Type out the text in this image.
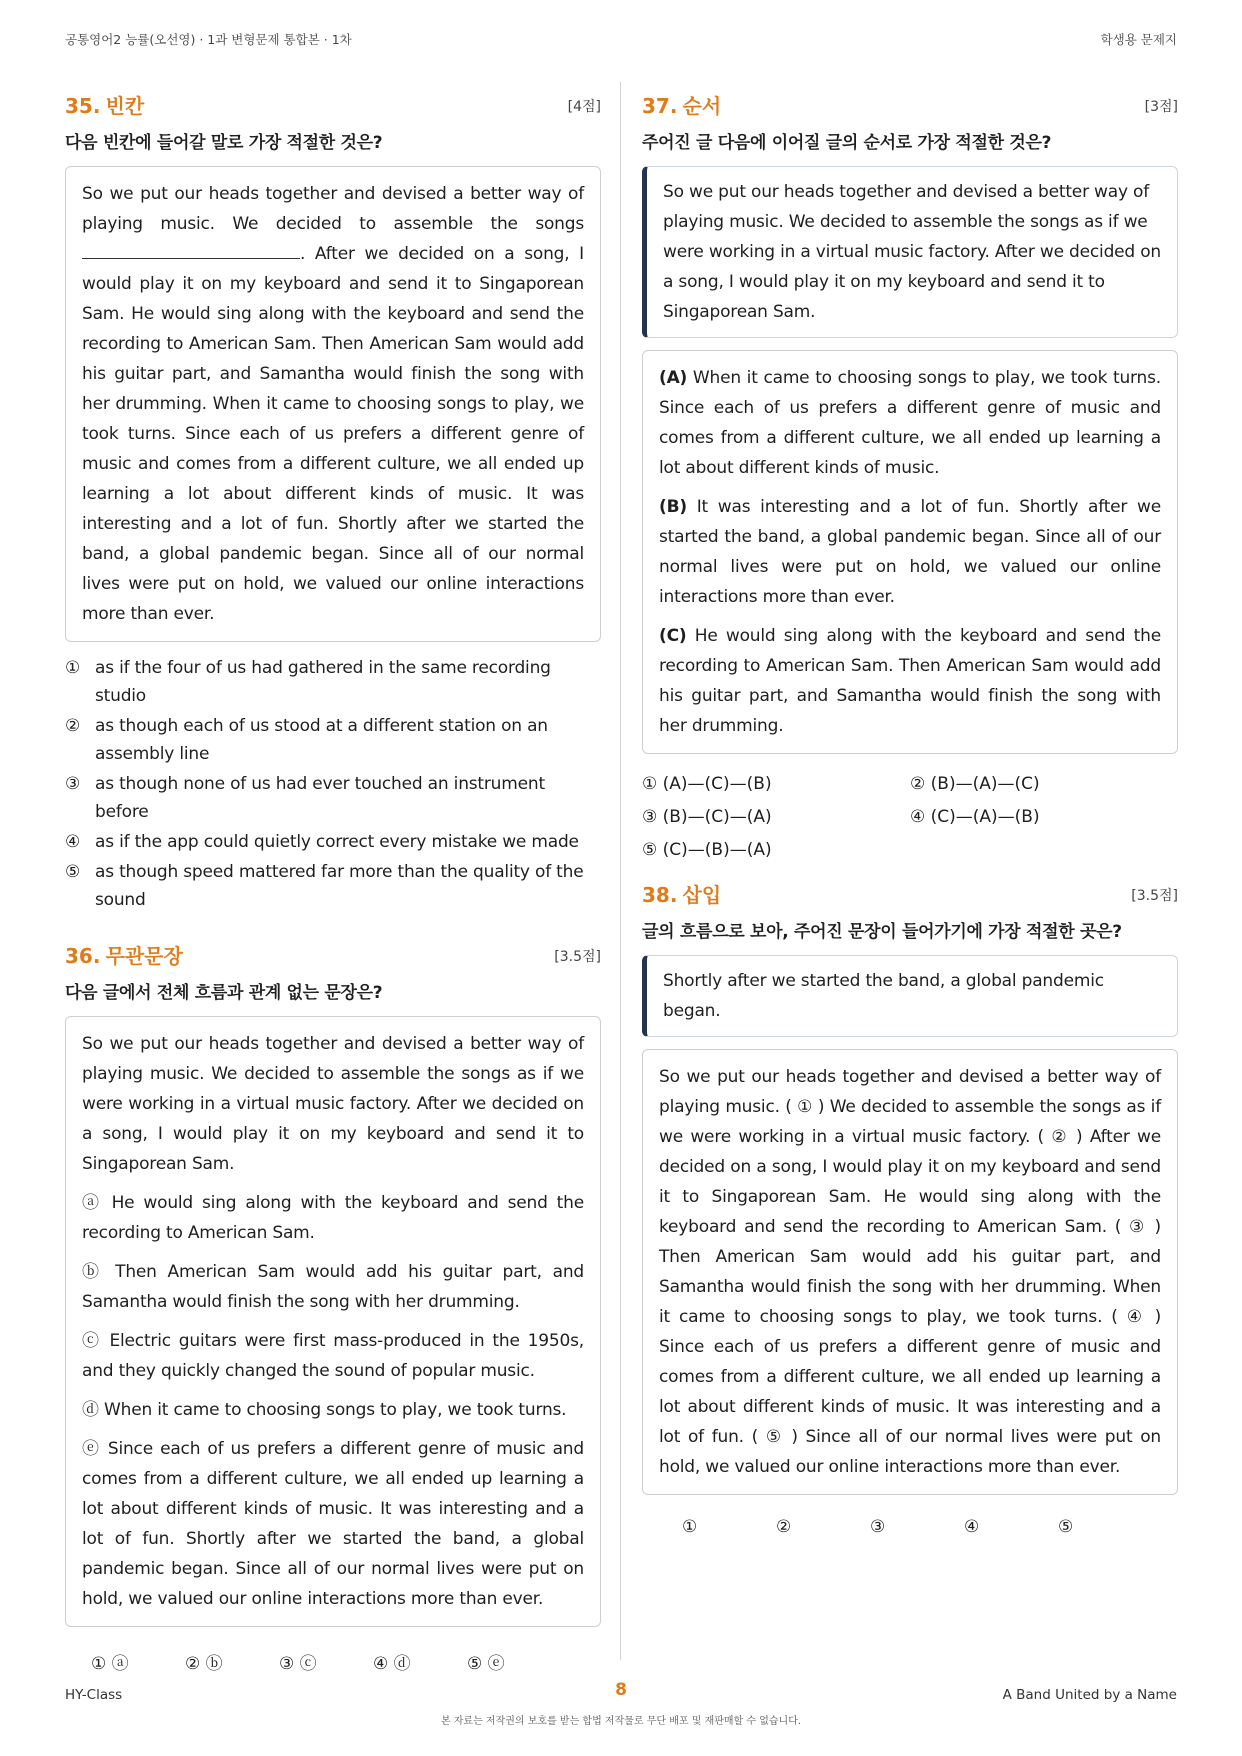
공통영어2 능률(오선영) · 1과 변형문제 통합본 · 1차	학생용 문제지
35. 빈칸	[4점]
다음 빈칸에 들어갈 말로 가장 적절한 것은?
So we put our heads together and devised a better way of playing music. We decided to assemble the songs . After we decided on a song, I would play it on my keyboard and send it to Singaporean Sam. He would sing along with the keyboard and send the recording to American Sam. Then American Sam would add his guitar part, and Samantha would finish the song with her drumming. When it came to choosing songs to play, we took turns. Since each of us prefers a different genre of music and comes from a different culture, we all ended up learning a lot about different kinds of music. It was interesting and a lot of fun. Shortly after we started the band, a global pandemic began. Since all of our normal lives were put on hold, we valued our online interactions more than ever.
① as if the four of us had gathered in the same recording studio
② as though each of us stood at a different station on an assembly line
③ as though none of us had ever touched an instrument before
④ as if the app could quietly correct every mistake we made
⑤ as though speed mattered far more than the quality of the sound
36. 무관문장	[3.5점]
다음 글에서 전체 흐름과 관계 없는 문장은?

So we put our heads together and devised a better way of playing music. We decided to assemble the songs as if we were working in a virtual music factory. After we decided on a song, I would play it on my keyboard and send it to Singaporean Sam.

ⓐ He would sing along with the keyboard and send the recording to American Sam.

ⓑ Then American Sam would add his guitar part, and Samantha would finish the song with her drumming.

ⓒ Electric guitars were first mass-produced in the 1950s, and they quickly changed the sound of popular music.

ⓓ When it came to choosing songs to play, we took turns.

ⓔ Since each of us prefers a different genre of music and comes from a different culture, we all ended up learning a lot about different kinds of music. It was interesting and a lot of fun. Shortly after we started the band, a global pandemic began. Since all of our normal lives were put on hold, we valued our online interactions more than ever.

① ⓐ	② ⓑ	③ ⓒ	④ ⓓ	⑤ ⓔ
37. 순서	[3점]
주어진 글 다음에 이어질 글의 순서로 가장 적절한 것은?
So we put our heads together and devised a better way of playing music. We decided to assemble the songs as if we were working in a virtual music factory. After we decided on a song, I would play it on my keyboard and send it to Singaporean Sam.

(A) When it came to choosing songs to play, we took turns. Since each of us prefers a different genre of music and comes from a different culture, we all ended up learning a lot about different kinds of music.

(B) It was interesting and a lot of fun. Shortly after we started the band, a global pandemic began. Since all of our normal lives were put on hold, we valued our online interactions more than ever.

(C) He would sing along with the keyboard and send the recording to American Sam. Then American Sam would add his guitar part, and Samantha would finish the song with her drumming.

① (A)—(C)—(B)	② (B)—(A)—(C)
③ (B)—(C)—(A)	④ (C)—(A)—(B)
⑤ (C)—(B)—(A)
38. 삽입	[3.5점]
글의 흐름으로 보아, 주어진 문장이 들어가기에 가장 적절한 곳은?
Shortly after we started the band, a global pandemic began.
So we put our heads together and devised a better way of playing music. ( ① ) We decided to assemble the songs as if we were working in a virtual music factory. ( ② ) After we decided on a song, I would play it on my keyboard and send it to Singaporean Sam. He would sing along with the keyboard and send the recording to American Sam. ( ③ ) Then American Sam would add his guitar part, and Samantha would finish the song with her drumming. When it came to choosing songs to play, we took turns. ( ④ ) Since each of us prefers a different genre of music and comes from a different culture, we all ended up learning a lot about different kinds of music. It was interesting and a lot of fun. ( ⑤ ) Since all of our normal lives were put on hold, we valued our online interactions more than ever.
①	②	③	④	⑤
HY-Class	8	A Band United by a Name
본 자료는 저작권의 보호를 받는 합법 저작물로 무단 배포 및 재판매할 수 없습니다.
